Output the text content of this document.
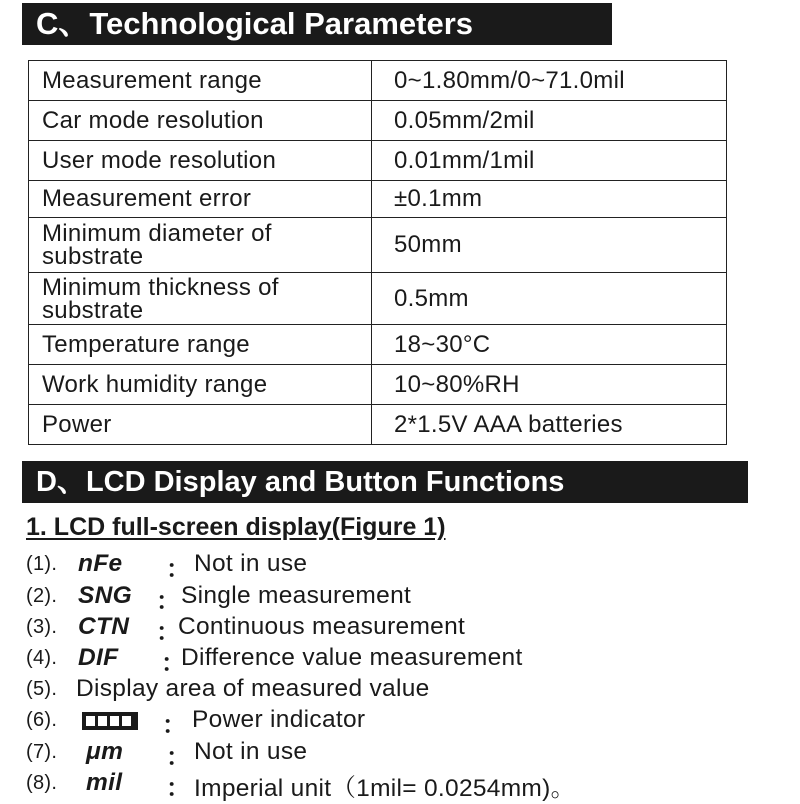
C、Technological Parameters
Measurement range	0~1.80mm/0~71.0mil
Car mode resolution	0.05mm/2mil
User mode resolution	0.01mm/1mil
Measurement error	±0.1mm
Minimum diameter of substrate	50mm
Minimum thickness of substrate	0.5mm
Temperature range	18~30°C
Work humidity range	10~80%RH
Power	2*1.5V AAA batteries
D、LCD Display and Button Functions
1. LCD full-screen display(Figure 1)
(1). nFe ： Not in use
(2). SNG ： Single measurement
(3). CTN ：
Continuous measurement
(4). DIF ：
Difference value measurement
(5). Display area of measured value
(6).	： Power indicator
(7). μm ： Not in use
(8). mil ： Imperial unit（1mil= 0.0254mm)。
